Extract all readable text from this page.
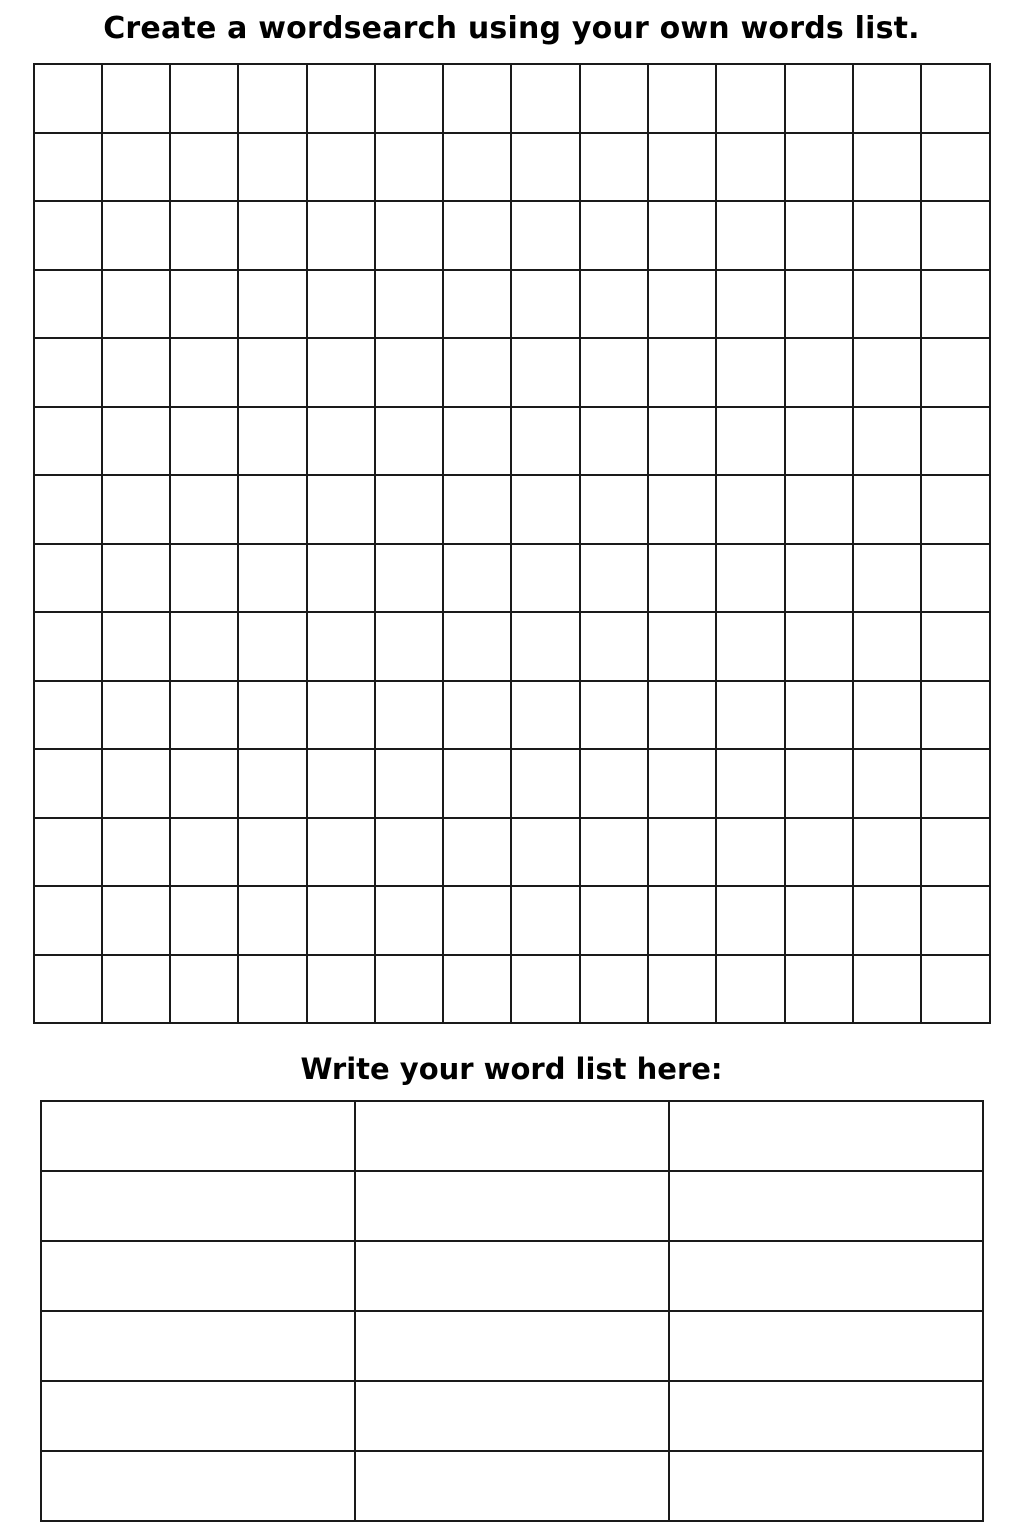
Create a wordsearch using your own words list.

Write your word list here:
